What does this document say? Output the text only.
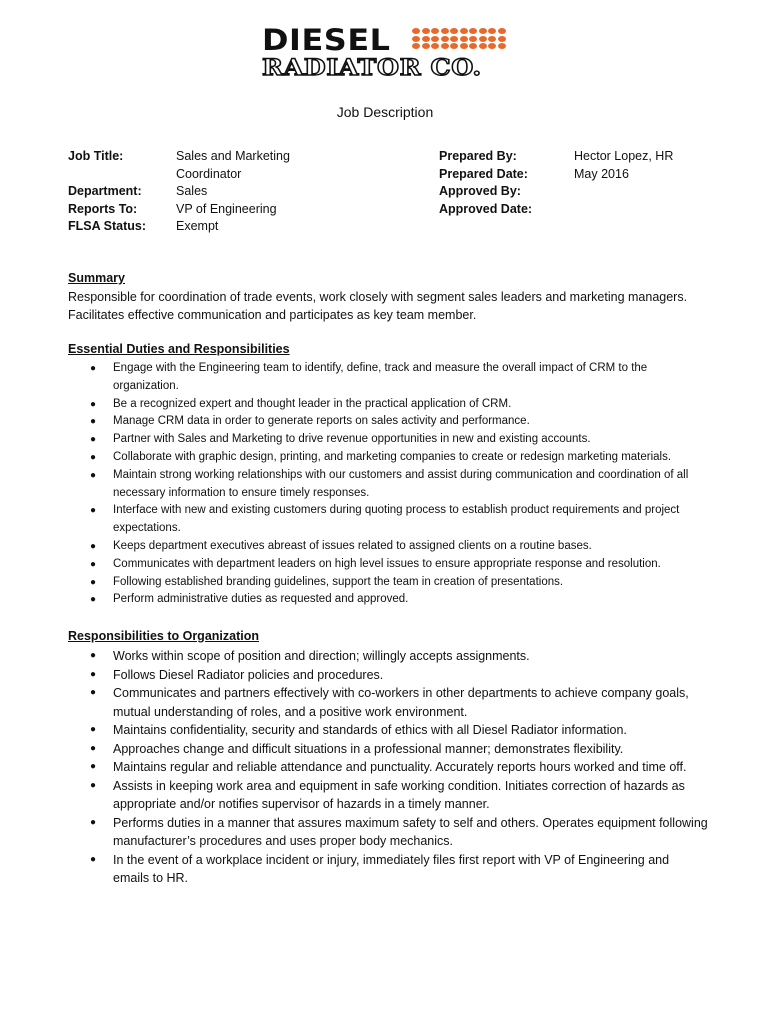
DIESEL
RADIATOR CO.
Job Description
Job Title:
Department:
Reports To:
FLSA Status:
Sales and Marketing Coordinator
Sales
VP of Engineering
Exempt
Prepared By:
Prepared Date:
Approved By:
Approved Date:
Hector Lopez, HR
May 2016
Summary
Responsible for coordination of trade events, work closely with segment sales leaders and marketing managers. Facilitates effective communication and participates as key team member.
Essential Duties and Responsibilities
● Engage with the Engineering team to identify, define, track and measure the overall impact of CRM to the organization.
● Be a recognized expert and thought leader in the practical application of CRM.
● Manage CRM data in order to generate reports on sales activity and performance.
● Partner with Sales and Marketing to drive revenue opportunities in new and existing accounts.
● Collaborate with graphic design, printing, and marketing companies to create or redesign marketing materials.
● Maintain strong working relationships with our customers and assist during communication and coordination of all necessary information to ensure timely responses.
● Interface with new and existing customers during quoting process to establish product requirements and project expectations.
● Keeps department executives abreast of issues related to assigned clients on a routine bases.
● Communicates with department leaders on high level issues to ensure appropriate response and resolution.
● Following established branding guidelines, support the team in creation of presentations.
● Perform administrative duties as requested and approved.
Responsibilities to Organization
● Works within scope of position and direction; willingly accepts assignments.
● Follows Diesel Radiator policies and procedures.
● Communicates and partners effectively with co-workers in other departments to achieve company goals, mutual understanding of roles, and a positive work environment.
● Maintains confidentiality, security and standards of ethics with all Diesel Radiator information.
● Approaches change and difficult situations in a professional manner; demonstrates flexibility.
● Maintains regular and reliable attendance and punctuality. Accurately reports hours worked and time off.
● Assists in keeping work area and equipment in safe working condition. Initiates correction of hazards as appropriate and/or notifies supervisor of hazards in a timely manner.
● Performs duties in a manner that assures maximum safety to self and others. Operates equipment following manufacturer’s procedures and uses proper body mechanics.
● In the event of a workplace incident or injury, immediately files first report with VP of Engineering and emails to HR.
